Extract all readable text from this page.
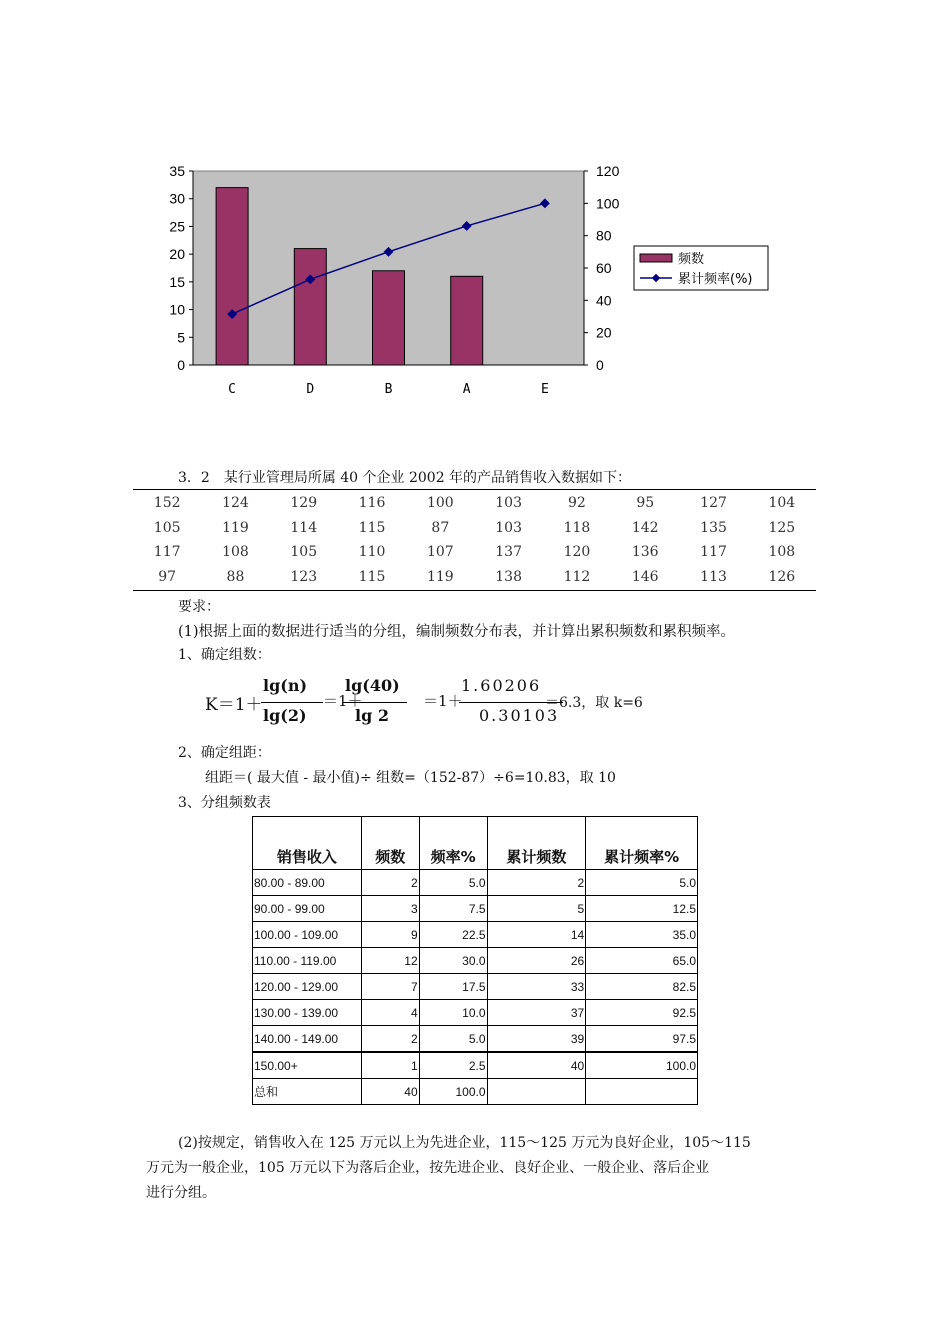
0
5
10
15
20
25
30
35
0
20
40
60
80
100
120
C	D	B	A	E
频数
累计频率(%)
3．2　某行业管理局所属 40 个企业 2002 年的产品销售收入数据如下：
152	124	129	116	100	103	92	95	127	104
105	119	114	115	87	103	118	142	135	125
117	108	105	110	107	137	120	136	117	108
97	88	123	115	119	138	112	146	113	126
要求：
(1)根据上面的数据进行适当的分组，编制频数分布表，并计算出累积频数和累积频率。
1、确定组数：
K＝1＋
lg(n)
lg(2)
＝1＋
lg(40)
lg 2
＝1＋
1.60206
0.30103
＝6.3，取 k=6
2、确定组距：
组距＝( 最大值 - 最小值)÷ 组数=（152-87）÷6=10.83，取 10
3、分组频数表
销售收入	频数	频率%	累计频数	累计频率%
80.00 - 89.00	2	5.0	2	5.0
90.00 - 99.00	3	7.5	5	12.5
100.00 - 109.00	9	22.5	14	35.0
110.00 - 119.00	12	30.0	26	65.0
120.00 - 129.00	7	17.5	33	82.5
130.00 - 139.00	4	10.0	37	92.5
140.00 - 149.00	2	5.0	39	97.5
150.00+	1	2.5	40	100.0
总和	40	100.0		
(2)按规定，销售收入在 125 万元以上为先进企业，115～125 万元为良好企业，105～115
万元为一般企业，105 万元以下为落后企业，按先进企业、良好企业、一般企业、落后企业
进行分组。
